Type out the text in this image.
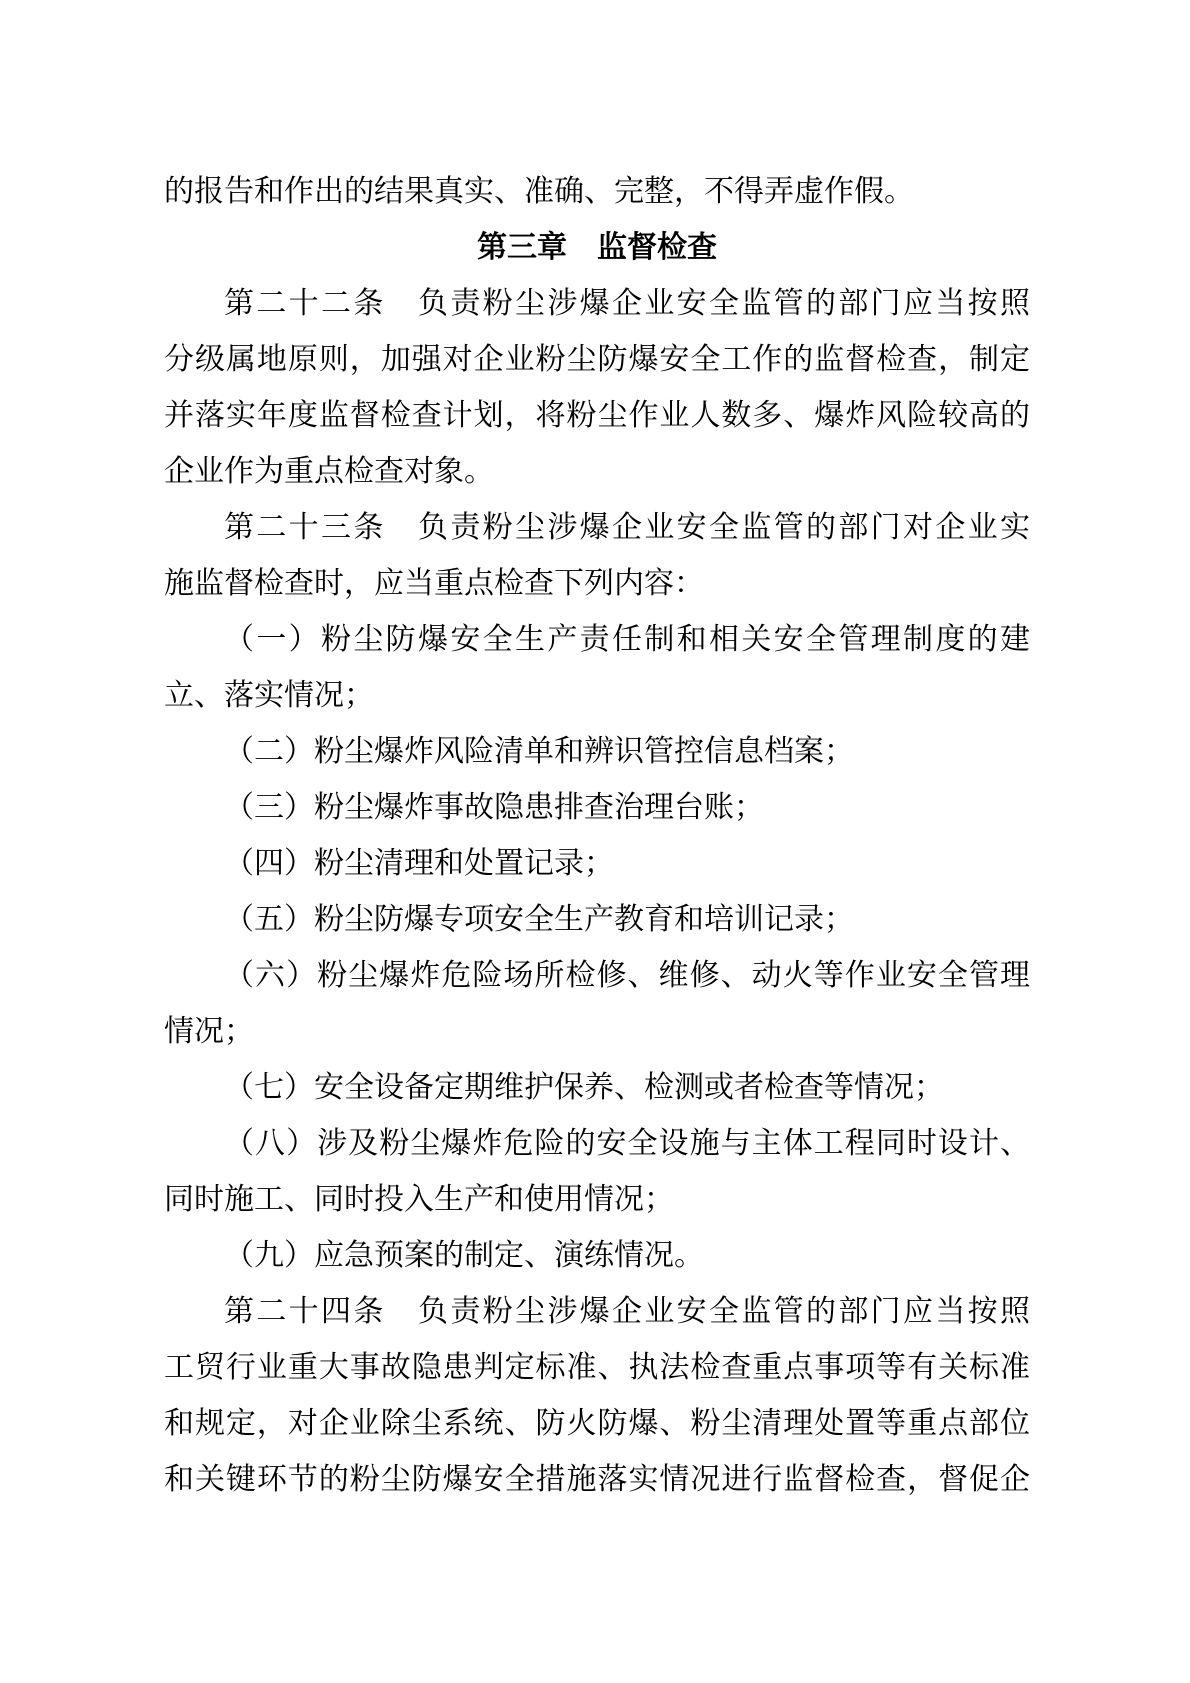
的报告和作出的结果真实、准确、完整，不得弄虚作假。

第三章　监督检查

第二十二条　负责粉尘涉爆企业安全监管的部门应当按照

分级属地原则，加强对企业粉尘防爆安全工作的监督检查，制定

并落实年度监督检查计划，将粉尘作业人数多、爆炸风险较高的

企业作为重点检查对象。

第二十三条　负责粉尘涉爆企业安全监管的部门对企业实

施监督检查时，应当重点检查下列内容：

（一）粉尘防爆安全生产责任制和相关安全管理制度的建

立、落实情况；

（二）粉尘爆炸风险清单和辨识管控信息档案；

（三）粉尘爆炸事故隐患排查治理台账；

（四）粉尘清理和处置记录；

（五）粉尘防爆专项安全生产教育和培训记录；

（六）粉尘爆炸危险场所检修、维修、动火等作业安全管理

情况；

（七）安全设备定期维护保养、检测或者检查等情况；

（八）涉及粉尘爆炸危险的安全设施与主体工程同时设计、

同时施工、同时投入生产和使用情况；

（九）应急预案的制定、演练情况。

第二十四条　负责粉尘涉爆企业安全监管的部门应当按照

工贸行业重大事故隐患判定标准、执法检查重点事项等有关标准

和规定，对企业除尘系统、防火防爆、粉尘清理处置等重点部位

和关键环节的粉尘防爆安全措施落实情况进行监督检查，督促企
